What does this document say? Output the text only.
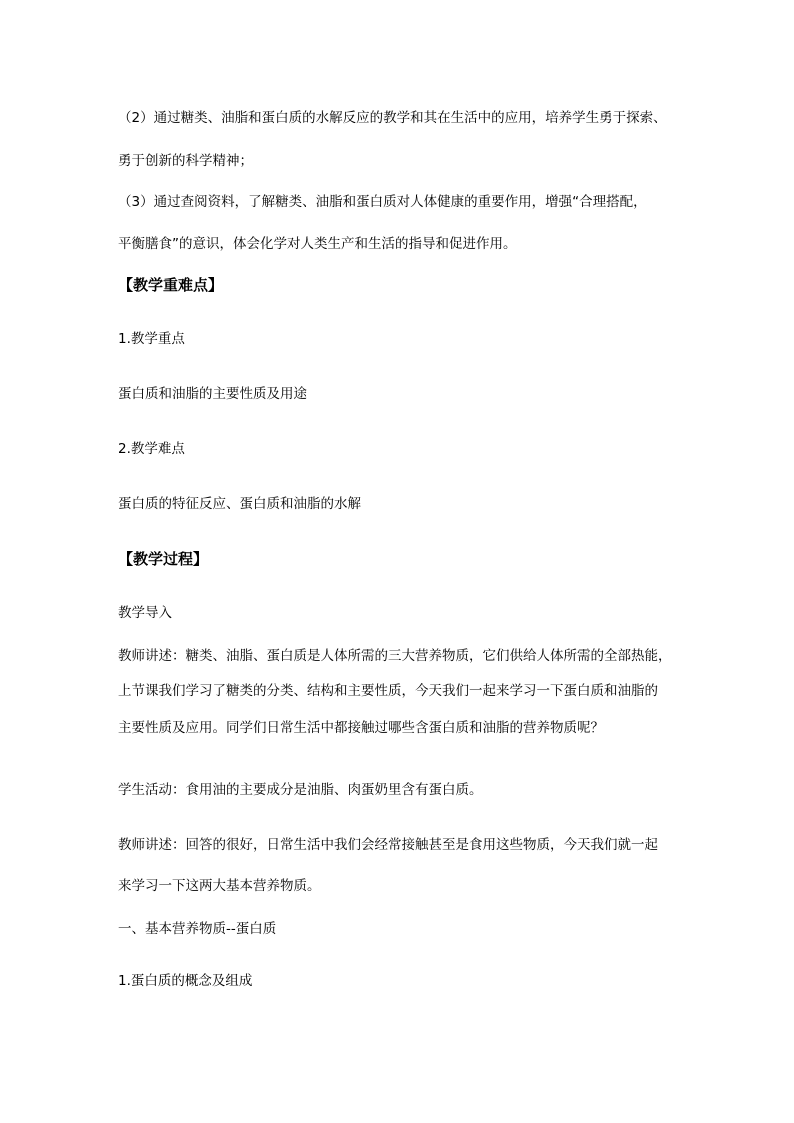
（2）通过糖类、油脂和蛋白质的水解反应的教学和其在生活中的应用，培养学生勇于探索、
勇于创新的科学精神；
（3）通过查阅资料，了解糖类、油脂和蛋白质对人体健康的重要作用，增强“合理搭配，
平衡膳食”的意识，体会化学对人类生产和生活的指导和促进作用。
【教学重难点】
1.教学重点
蛋白质和油脂的主要性质及用途
2.教学难点
蛋白质的特征反应、蛋白质和油脂的水解
【教学过程】
教学导入
教师讲述：糖类、油脂、蛋白质是人体所需的三大营养物质，它们供给人体所需的全部热能，
上节课我们学习了糖类的分类、结构和主要性质，今天我们一起来学习一下蛋白质和油脂的
主要性质及应用。同学们日常生活中都接触过哪些含蛋白质和油脂的营养物质呢？
学生活动：食用油的主要成分是油脂、肉蛋奶里含有蛋白质。
教师讲述：回答的很好，日常生活中我们会经常接触甚至是食用这些物质，今天我们就一起
来学习一下这两大基本营养物质。
一、基本营养物质--蛋白质
1.蛋白质的概念及组成
